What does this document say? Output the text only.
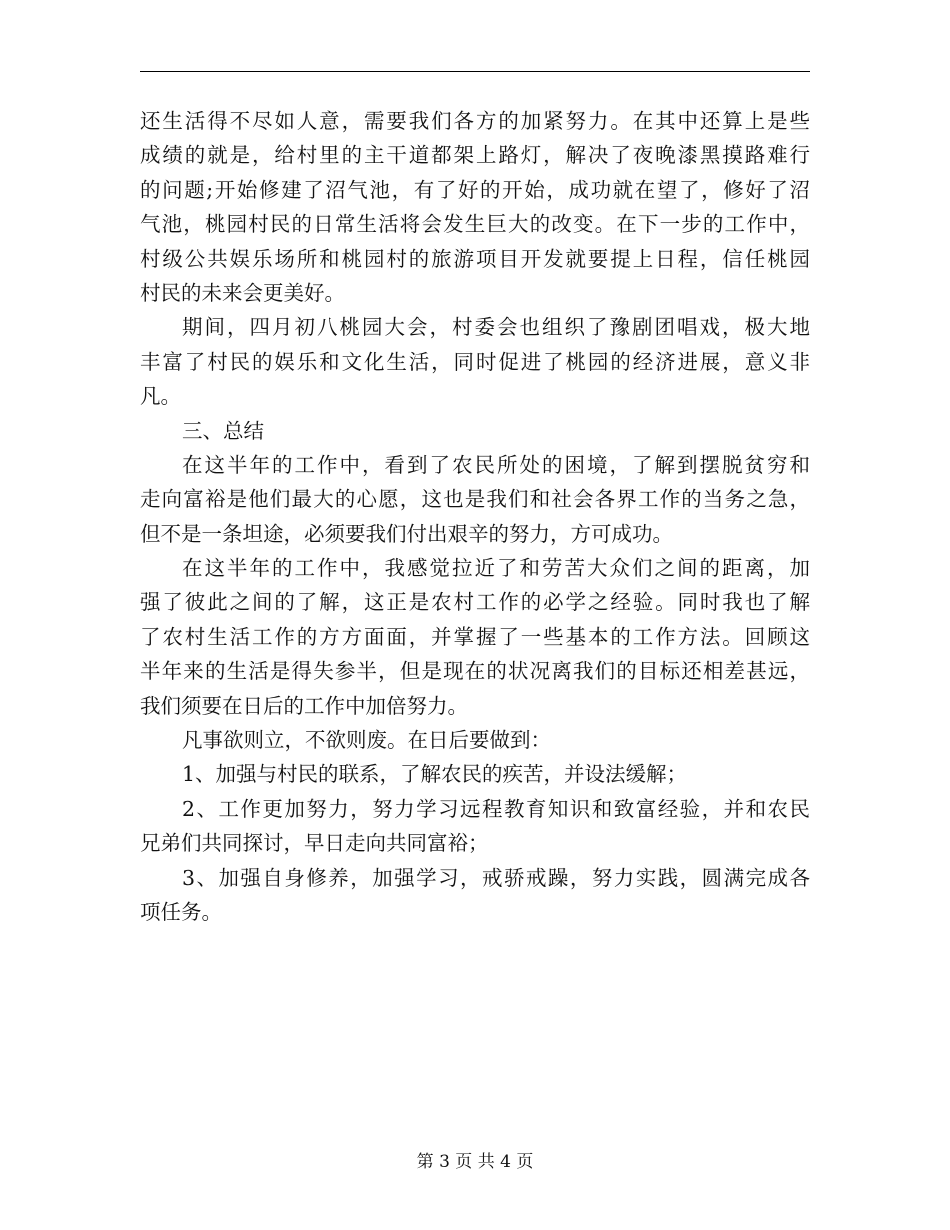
还生活得不尽如人意，需要我们各方的加紧努力。在其中还算上是些
成绩的就是，给村里的主干道都架上路灯，解决了夜晚漆黑摸路难行
的问题;开始修建了沼气池，有了好的开始，成功就在望了，修好了沼
气池，桃园村民的日常生活将会发生巨大的改变。在下一步的工作中，
村级公共娱乐场所和桃园村的旅游项目开发就要提上日程，信任桃园
村民的未来会更美好。
期间，四月初八桃园大会，村委会也组织了豫剧团唱戏，极大地
丰富了村民的娱乐和文化生活，同时促进了桃园的经济进展，意义非
凡。
三、总结
在这半年的工作中，看到了农民所处的困境，了解到摆脱贫穷和
走向富裕是他们最大的心愿，这也是我们和社会各界工作的当务之急，
但不是一条坦途，必须要我们付出艰辛的努力，方可成功。
在这半年的工作中，我感觉拉近了和劳苦大众们之间的距离，加
强了彼此之间的了解，这正是农村工作的必学之经验。同时我也了解
了农村生活工作的方方面面，并掌握了一些基本的工作方法。回顾这
半年来的生活是得失参半，但是现在的状况离我们的目标还相差甚远，
我们须要在日后的工作中加倍努力。
凡事欲则立，不欲则废。在日后要做到：
1、加强与村民的联系，了解农民的疾苦，并设法缓解；
2、工作更加努力，努力学习远程教育知识和致富经验，并和农民
兄弟们共同探讨，早日走向共同富裕；
3、加强自身修养，加强学习，戒骄戒躁，努力实践，圆满完成各
项任务。
第 3 页 共 4 页
